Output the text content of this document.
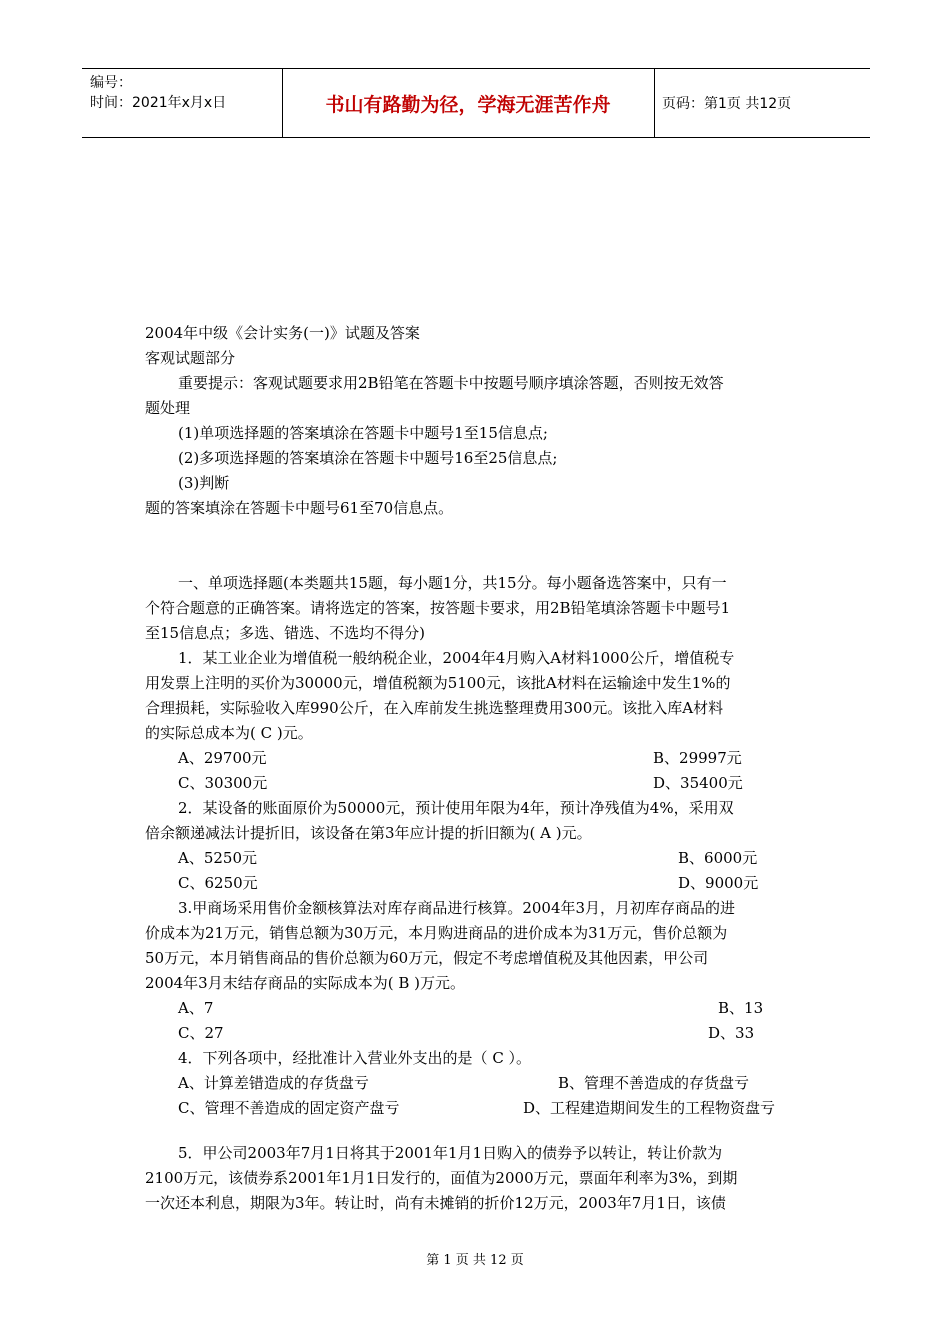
编号：
时间：2021年x月x日	书山有路勤为径，学海无涯苦作舟	页码：第1页 共12页
2004年中级《会计实务(一)》试题及答案
客观试题部分
重要提示：客观试题要求用2B铅笔在答题卡中按题号顺序填涂答题，否则按无效答
题处理
(1)单项选择题的答案填涂在答题卡中题号1至15信息点;
(2)多项选择题的答案填涂在答题卡中题号16至25信息点;
(3)判断
题的答案填涂在答题卡中题号61至70信息点。
一、单项选择题(本类题共15题，每小题1分，共15分。每小题备选答案中，只有一
个符合题意的正确答案。请将选定的答案，按答题卡要求，用2B铅笔填涂答题卡中题号1
至15信息点；多选、错选、不选均不得分)
1．某工业企业为增值税一般纳税企业，2004年4月购入A材料1000公斤，增值税专
用发票上注明的买价为30000元，增值税额为5100元，该批A材料在运输途中发生1%的
合理损耗，实际验收入库990公斤，在入库前发生挑选整理费用300元。该批入库A材料
的实际总成本为( C )元。
A、29700元	B、29997元
C、30300元	D、35400元
2．某设备的账面原价为50000元，预计使用年限为4年，预计净残值为4%，采用双
倍余额递减法计提折旧，该设备在第3年应计提的折旧额为( A )元。
A、5250元	B、6000元
C、6250元	D、9000元
3.甲商场采用售价金额核算法对库存商品进行核算。2004年3月，月初库存商品的进
价成本为21万元，销售总额为30万元，本月购进商品的进价成本为31万元，售价总额为
50万元，本月销售商品的售价总额为60万元，假定不考虑增值税及其他因素，甲公司
2004年3月末结存商品的实际成本为( B )万元。
A、7	B、13
C、27	D、33
4．下列各项中，经批准计入营业外支出的是（ C ）。
A、计算差错造成的存货盘亏	B、管理不善造成的存货盘亏
C、管理不善造成的固定资产盘亏	D、工程建造期间发生的工程物资盘亏
5．甲公司2003年7月1日将其于2001年1月1日购入的债券予以转让，转让价款为
2100万元，该债券系2001年1月1日发行的，面值为2000万元，票面年利率为3%，到期
一次还本利息，期限为3年。转让时，尚有未摊销的折价12万元，2003年7月1日，该债
第 1 页 共 12 页
